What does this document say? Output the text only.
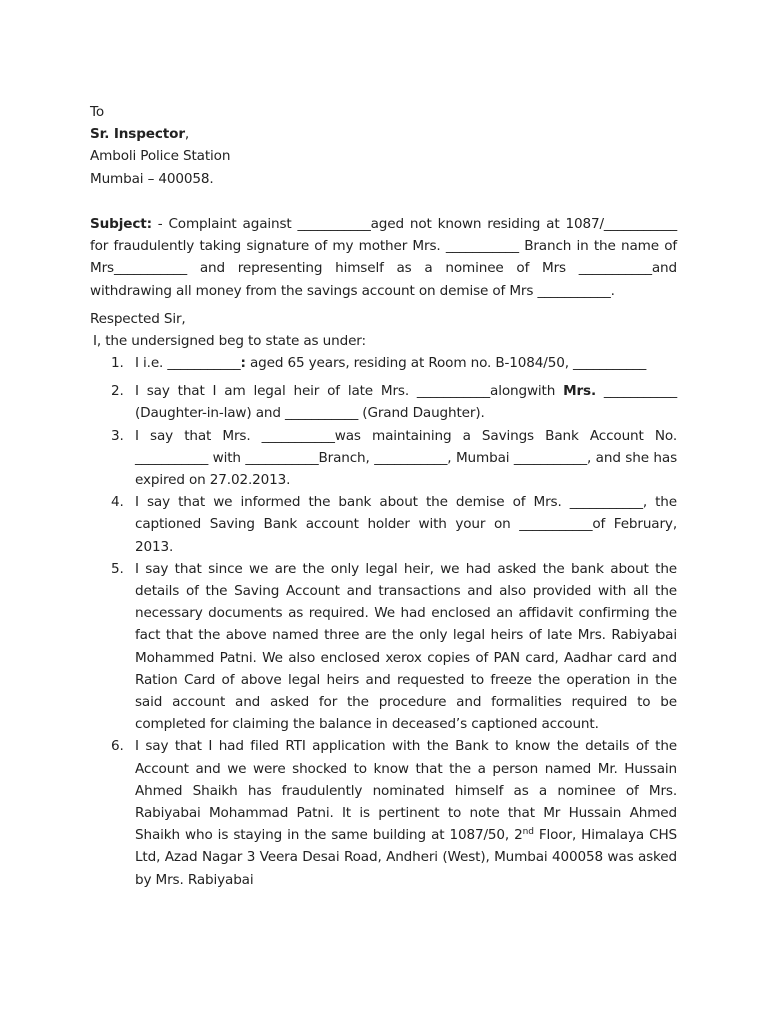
To
Sr. Inspector,
Amboli Police Station
Mumbai – 400058.
Subject: - Complaint against ___________aged not known residing at 1087/___________ for fraudulently taking signature of my mother Mrs. ___________ Branch in the name of Mrs___________ and representing himself as a nominee of Mrs ___________and withdrawing all money from the savings account on demise of Mrs ___________.
Respected Sir,
I, the undersigned beg to state as under:
1. I i.e. ___________: aged 65 years, residing at Room no. B-1084/50, ___________
2. I say that I am legal heir of late Mrs. ___________alongwith Mrs. ___________ (Daughter-in-law) and ___________ (Grand Daughter).
3. I say that Mrs. ___________was maintaining a Savings Bank Account No. ___________ with ___________Branch, ___________, Mumbai ___________, and she has expired on 27.02.2013.
4. I say that we informed the bank about the demise of Mrs. ___________, the captioned Saving Bank account holder with your on ___________of February, 2013.
5. I say that since we are the only legal heir, we had asked the bank about the details of the Saving Account and transactions and also provided with all the necessary documents as required. We had enclosed an affidavit confirming the fact that the above named three are the only legal heirs of late Mrs. Rabiyabai Mohammed Patni. We also enclosed xerox copies of PAN card, Aadhar card and Ration Card of above legal heirs and requested to freeze the operation in the said account and asked for the procedure and formalities required to be completed for claiming the balance in deceased’s captioned account.
6. I say that I had filed RTI application with the Bank to know the details of the Account and we were shocked to know that the a person named Mr. Hussain Ahmed Shaikh has fraudulently nominated himself as a nominee of Mrs. Rabiyabai Mohammad Patni. It is pertinent to note that Mr Hussain Ahmed Shaikh who is staying in the same building at 1087/50, 2nd Floor, Himalaya CHS Ltd, Azad Nagar 3 Veera Desai Road, Andheri (West), Mumbai 400058 was asked by Mrs. Rabiyabai
